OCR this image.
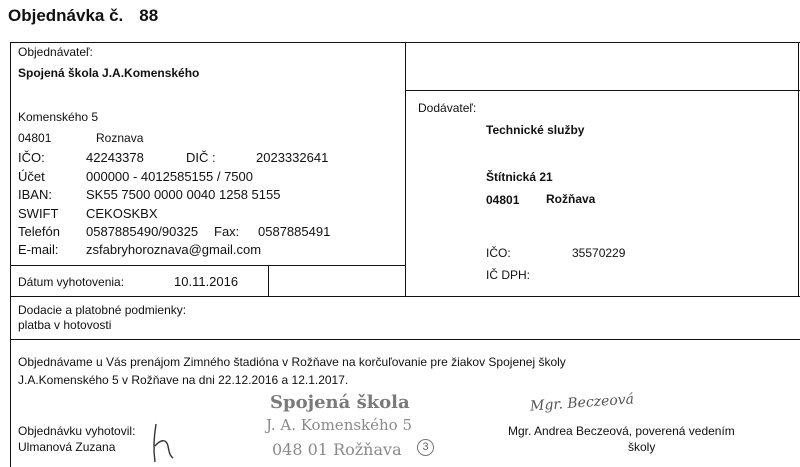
Objednávka č. 88
Objednávateľ:
Spojená škola J.A.Komenského
Komenského 5
04801	Roznava
IČO:	42243378	DIČ :	2023332641
Účet	000000 - 4012585155 / 7500
IBAN:	SK55 7500 0000 0040 1258 5155
SWIFT CEKOSKBX
Telefón 0587885490/90325 Fax: 0587885491
E-mail: zsfabryhoroznava@gmail.com
Dátum vyhotovenia:	10.11.2016
Dodávateľ:
Technické služby
Štítnická 21
04801 Rožňava
IČO:	35570229
IČ DPH:
Dodacie a platobné podmienky:
platba v hotovosti
Objednávame u Vás prenájom Zimného štadióna v Rožňave na korčuľovanie pre žiakov Spojenej školy
J.A.Komenského 5 v Rožňave na dni 22.12.2016 a 12.1.2017.
Objednávku vyhotovil:
Ulmanová Zuzana
Spojená škola
J. A. Komenského 5
048 01 Rožňava	3
Mgr. Beczeová
Mgr. Andrea Beczeová, poverená vedením
školy
